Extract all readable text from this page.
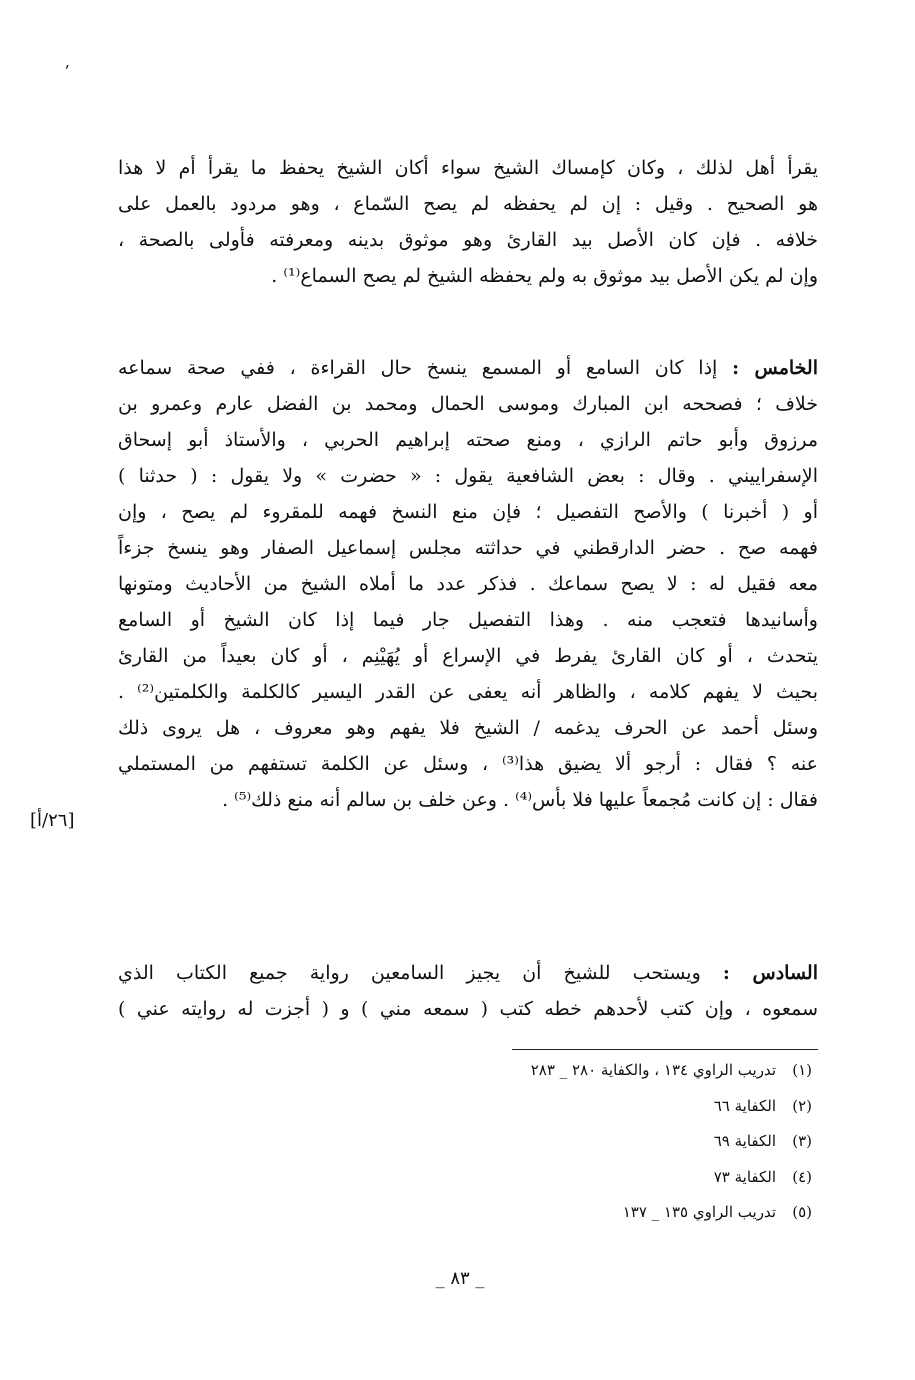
ʼ
يقرأ أهل لذلك ، وكان كإمساك الشيخ سواء أكان الشيخ يحفظ ما يقرأ أم لا هذا
هو الصحيح . وقيل : إن لم يحفظه لم يصح السّماع ، وهو مردود بالعمل على
خلافه . فإن كان الأصل بيد القارئ وهو موثوق بدينه ومعرفته فأولى بالصحة ،
وإن لم يكن الأصل بيد موثوق به ولم يحفظه الشيخ لم يصح السماع⁽¹⁾ .
الخامس : إذا كان السامع أو المسمع ينسخ حال القراءة ، ففي صحة سماعه
خلاف ؛ فصححه ابن المبارك وموسى الحمال ومحمد بن الفضل عارم وعمرو بن
مرزوق وأبو حاتم الرازي ، ومنع صحته إبراهيم الحربي ، والأستاذ أبو إسحاق
الإسفراييني . وقال : بعض الشافعية يقول : « حضرت » ولا يقول : ( حدثنا )
أو ( أخبرنا ) والأصح التفصيل ؛ فإن منع النسخ فهمه للمقروء لم يصح ، وإن
فهمه صح . حضر الدارقطني في حداثته مجلس إسماعيل الصفار وهو ينسخ جزءاً
معه فقيل له : لا يصح سماعك . فذكر عدد ما أملاه الشيخ من الأحاديث ومتونها
وأسانيدها فتعجب منه . وهذا التفصيل جار فيما إذا كان الشيخ أو السامع
يتحدث ، أو كان القارئ يفرط في الإسراع أو يُهَيْنِم ، أو كان بعيداً من القارئ
بحيث لا يفهم كلامه ، والظاهر أنه يعفى عن القدر اليسير كالكلمة والكلمتين⁽²⁾ .
وسئل أحمد عن الحرف يدغمه / الشيخ فلا يفهم وهو معروف ، هل يروى ذلك
عنه ؟ فقال : أرجو ألا يضيق هذا⁽³⁾ ، وسئل عن الكلمة تستفهم من المستملي
فقال : إن كانت مُجمعاً عليها فلا بأس⁽⁴⁾ . وعن خلف بن سالم أنه منع ذلك⁽⁵⁾ .
[٢٦/أ]
السادس : ويستحب للشيخ أن يجيز السامعين رواية جميع الكتاب الذي
سمعوه ، وإن كتب لأحدهم خطه كتب ( سمعه مني ) و ( أجزت له روايته عني )
(١)تدريب الراوي ١٣٤ ، والكفاية ٢٨٠ _ ٢٨٣
(٢)الكفاية ٦٦
(٣)الكفاية ٦٩
(٤)الكفاية ٧٣
(٥)تدريب الراوي ١٣٥ _ ١٣٧
_ ٨٣ _
